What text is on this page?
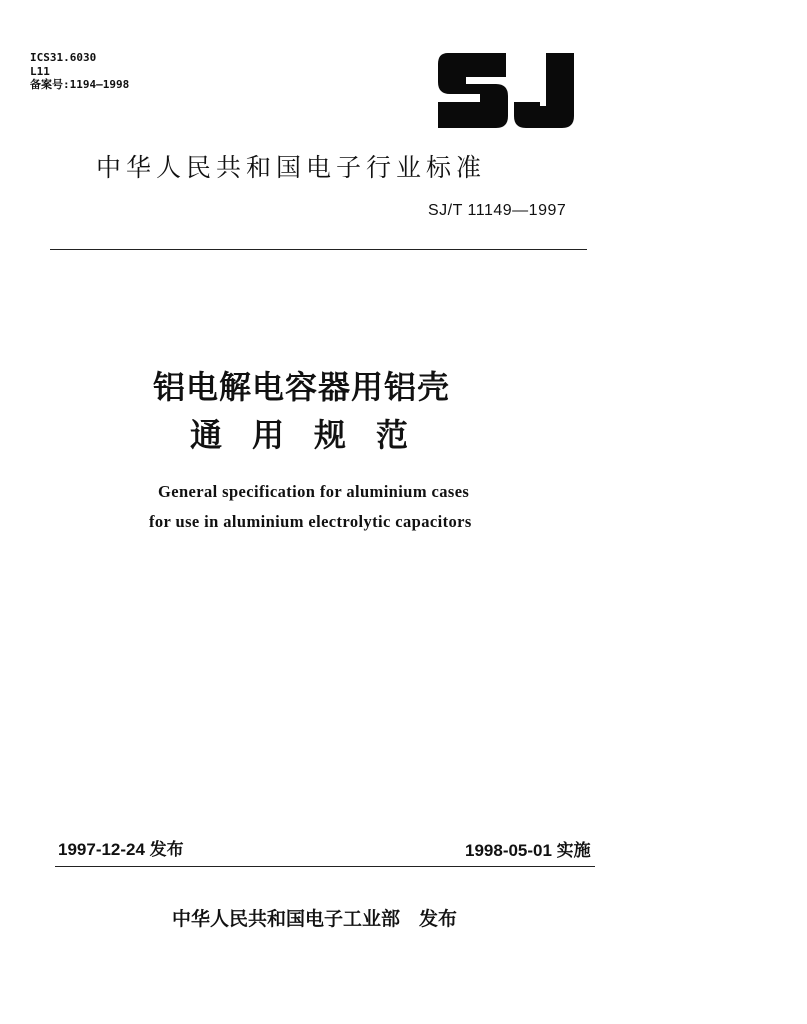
ICS31.6030
L11
备案号:1194—1998
中华人民共和国电子行业标准
SJ/T 11149—1997
铝电解电容器用铝壳
通用规范
General specification for aluminium cases
for use in aluminium electrolytic capacitors
1997-12-24 发布	1998-05-01 实施
中华人民共和国电子工业部　发布
